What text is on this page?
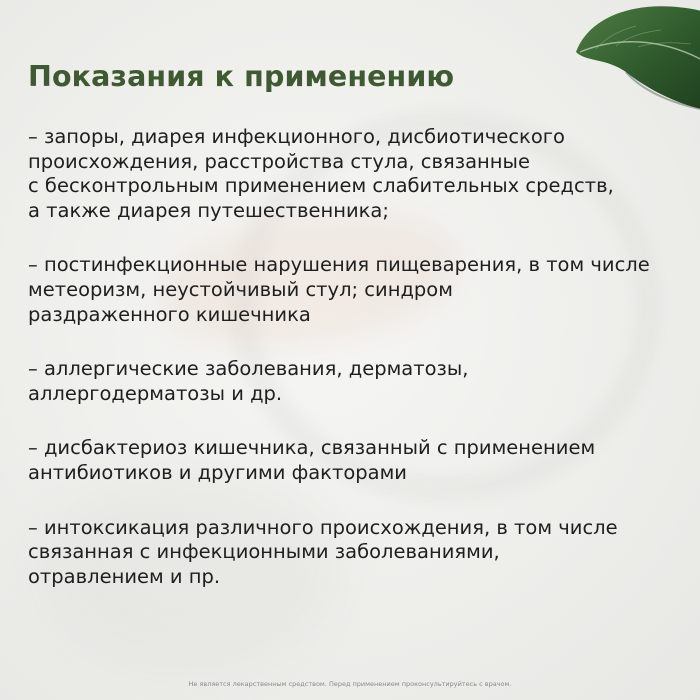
Показания к применению
– запоры, диарея инфекционного, дисбиотического
происхождения, расстройства стула, связанные
с бесконтрольным применением слабительных средств,
а также диарея путешественника;
– постинфекционные нарушения пищеварения, в том числе
метеоризм, неустойчивый стул; синдром
раздраженного кишечника
– аллергические заболевания, дерматозы,
аллергодерматозы и др.
– дисбактериоз кишечника, связанный с применением
антибиотиков и другими факторами
– интоксикация различного происхождения, в том числе
связанная с инфекционными заболеваниями,
отравлением и пр.
Не является лекарственным средством. Перед применением проконсультируйтесь с врачом.
